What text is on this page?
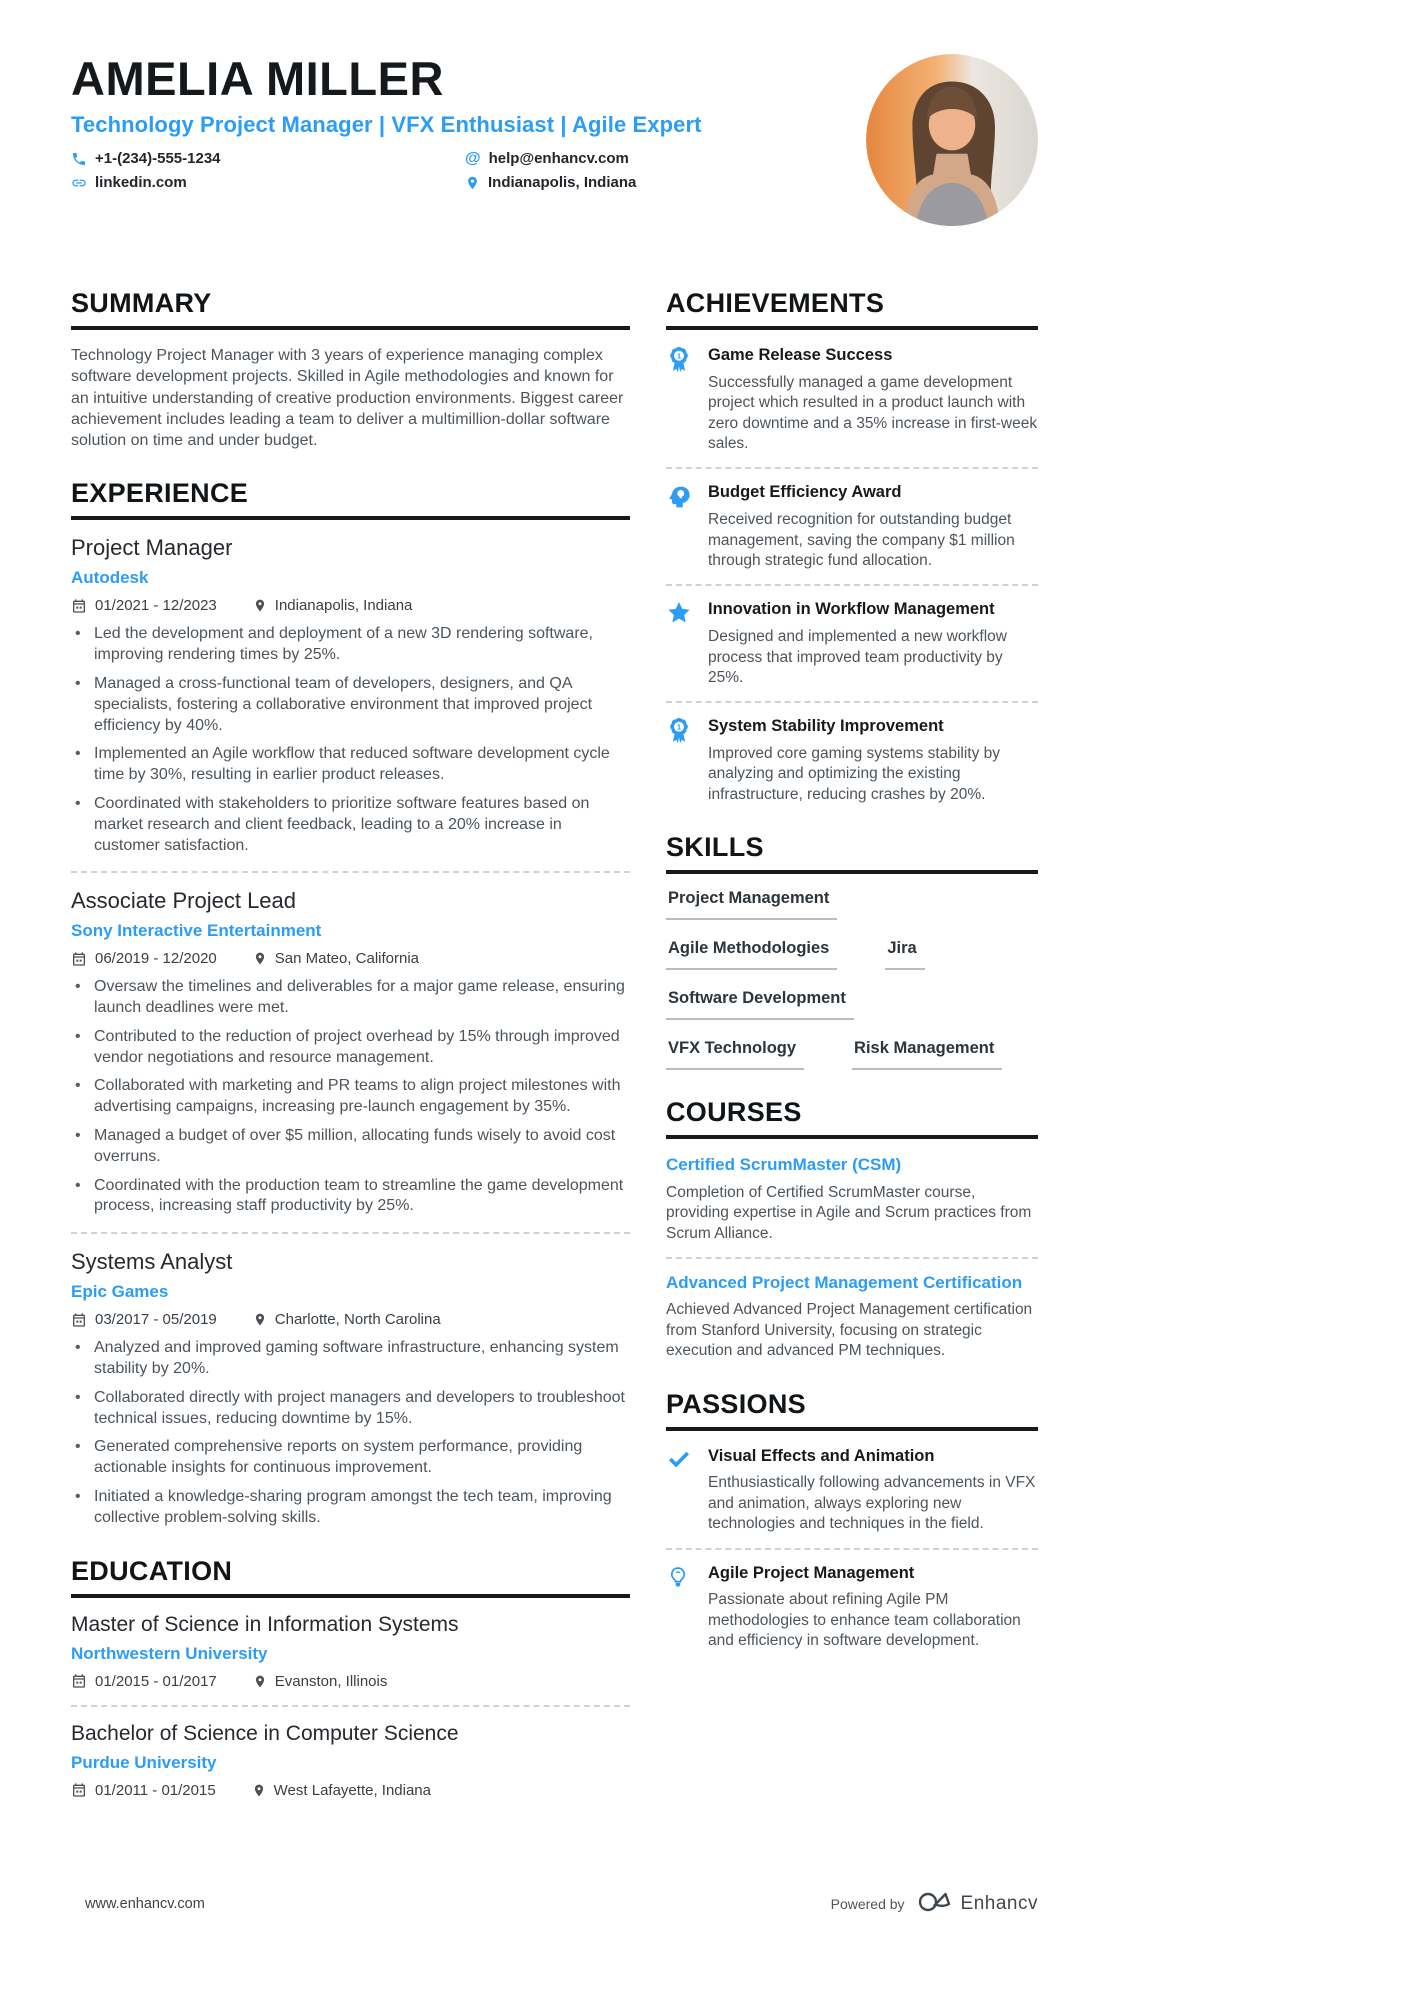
AMELIA MILLER
Technology Project Manager | VFX Enthusiast | Agile Expert
+1-(234)-555-1234	@ help@enhancv.com
linkedin.com	Indianapolis, Indiana
SUMMARY

Technology Project Manager with 3 years of experience managing complex software development projects. Skilled in Agile methodologies and known for an intuitive understanding of creative production environments. Biggest career achievement includes leading a team to deliver a multimillion-dollar software solution on time and under budget.

EXPERIENCE
Project Manager
Autodesk
01/2021 - 12/2023	Indianapolis, Indiana
• Led the development and deployment of a new 3D rendering software, improving rendering times by 25%.
• Managed a cross-functional team of developers, designers, and QA specialists, fostering a collaborative environment that improved project efficiency by 40%.
• Implemented an Agile workflow that reduced software development cycle time by 30%, resulting in earlier product releases.
• Coordinated with stakeholders to prioritize software features based on market research and client feedback, leading to a 20% increase in customer satisfaction.
Associate Project Lead
Sony Interactive Entertainment
06/2019 - 12/2020	San Mateo, California
• Oversaw the timelines and deliverables for a major game release, ensuring launch deadlines were met.
• Contributed to the reduction of project overhead by 15% through improved vendor negotiations and resource management.
• Collaborated with marketing and PR teams to align project milestones with advertising campaigns, increasing pre-launch engagement by 35%.
• Managed a budget of over $5 million, allocating funds wisely to avoid cost overruns.
• Coordinated with the production team to streamline the game development process, increasing staff productivity by 25%.
Systems Analyst
Epic Games
03/2017 - 05/2019	Charlotte, North Carolina
• Analyzed and improved gaming software infrastructure, enhancing system stability by 20%.
• Collaborated directly with project managers and developers to troubleshoot technical issues, reducing downtime by 15%.
• Generated comprehensive reports on system performance, providing actionable insights for continuous improvement.
• Initiated a knowledge-sharing program amongst the tech team, improving collective problem-solving skills.
EDUCATION
Master of Science in Information Systems
Northwestern University
01/2015 - 01/2017	Evanston, Illinois
Bachelor of Science in Computer Science
Purdue University
01/2011 - 01/2015	West Lafayette, Indiana
ACHIEVEMENTS
1 Game Release Success
Successfully managed a game development project which resulted in a product launch with zero downtime and a 35% increase in first-week sales.
Budget Efficiency Award
Received recognition for outstanding budget management, saving the company $1 million through strategic fund allocation.
Innovation in Workflow Management
Designed and implemented a new workflow process that improved team productivity by 25%.
1 System Stability Improvement
Improved core gaming systems stability by analyzing and optimizing the existing infrastructure, reducing crashes by 20%.
SKILLS
Project Management
Agile Methodologies	Jira
Software Development
VFX Technology	Risk Management
COURSES
Certified ScrumMaster (CSM)
Completion of Certified ScrumMaster course, providing expertise in Agile and Scrum practices from Scrum Alliance.
Advanced Project Management Certification
Achieved Advanced Project Management certification from Stanford University, focusing on strategic execution and advanced PM techniques.
PASSIONS
Visual Effects and Animation
Enthusiastically following advancements in VFX and animation, always exploring new technologies and techniques in the field.
Agile Project Management
Passionate about refining Agile PM methodologies to enhance team collaboration and efficiency in software development.
www.enhancv.com	Powered by	Enhancv
